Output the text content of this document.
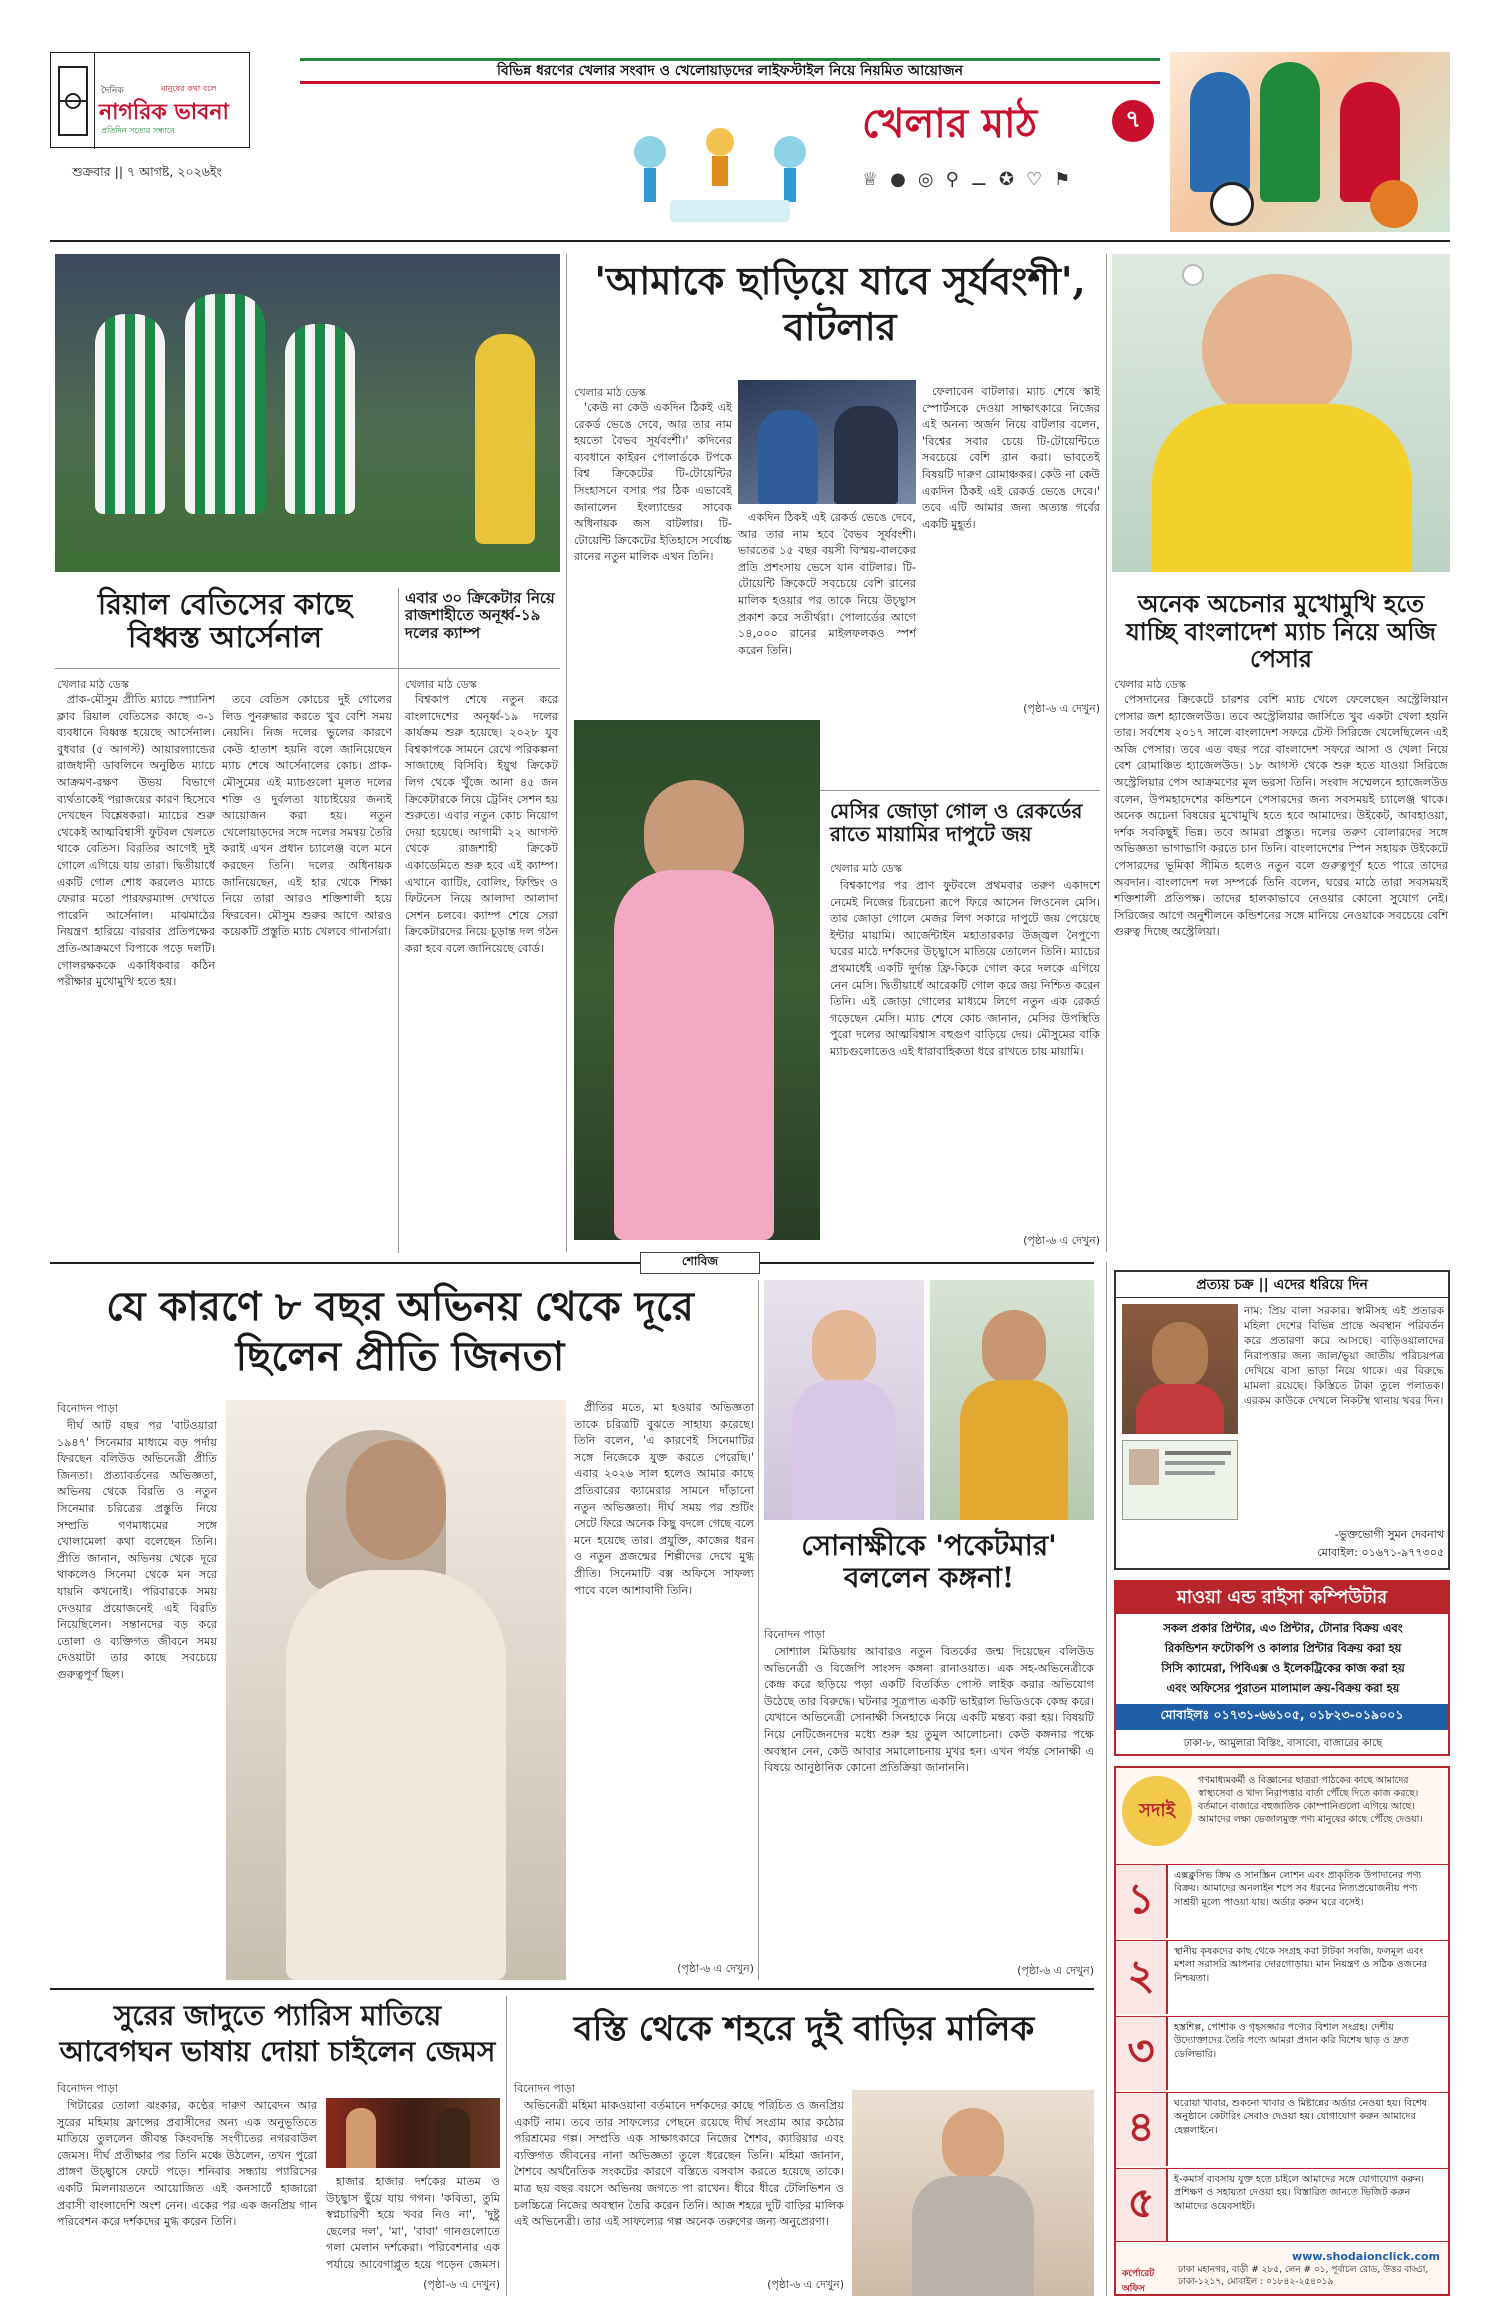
দৈনিক
নাগরিক ভাবনা
মানুষের কথা বলে
প্রতিদিন সত্যের সন্ধানে
শুক্রবার || ৭ আগষ্ট, ২০২৬ইং
বিভিন্ন ধরণের খেলার সংবাদ ও খেলোয়াড়দের লাইফস্টাইল নিয়ে নিয়মিত আয়োজন
খেলার মাঠ	৭
♕ ● ◎ ⚲ ⚊ ✪ ♡ ⚑
রিয়াল বেতিসের কাছে বিধ্বস্ত আর্সেনাল
এবার ৩০ ক্রিকেটার নিয়ে রাজশাহীতে অনূর্ধ্ব-১৯ দলের ক্যাম্প
খেলার মাঠ ডেস্ক

প্রাক-মৌসুম প্রীতি ম্যাচে স্প্যানিশ ক্লাব রিয়াল বেতিসের কাছে ৩-১ ব্যবধানে বিধ্বস্ত হয়েছে আর্সেনাল। বুধবার (৫ আগস্ট) আয়ারল্যান্ডের রাজধানী ডাবলিনে অনুষ্ঠিত ম্যাচে আক্রমণ-রক্ষণ উভয় বিভাগে ব্যর্থতাকেই পরাজয়ের কারণ হিসেবে দেখছেন বিশ্লেষকরা। ম্যাচের শুরু থেকেই আত্মবিশ্বাসী ফুটবল খেলতে থাকে বেতিস। বিরতির আগেই দুই গোলে এগিয়ে যায় তারা। দ্বিতীয়ার্ধে একটি গোল শোধ করলেও ম্যাচে ফেরার মতো পারফরম্যান্স দেখাতে পারেনি আর্সেনাল। মাঝমাঠের নিয়ন্ত্রণ হারিয়ে বারবার প্রতিপক্ষের প্রতি-আক্রমণে বিপাকে পড়ে দলটি। গোলরক্ষককে একাধিকবার কঠিন পরীক্ষার মুখোমুখি হতে হয়।

তবে বেতিস কোচের দুই গোলের লিড পুনরুদ্ধার করতে খুব বেশি সময় নেয়নি। নিজ দলের ভুলের কারণে কেউ হাতাশ হয়নি বলে জানিয়েছেন ম্যাচ শেষে আর্সেনালের কোচ। প্রাক-মৌসুমের এই ম্যাচগুলো মূলত দলের শক্তি ও দুর্বলতা যাচাইয়ের জন্যই আয়োজন করা হয়। নতুন খেলোয়াড়দের সঙ্গে দলের সমন্বয় তৈরি করাই এখন প্রধান চ্যালেঞ্জ বলে মনে করছেন তিনি। দলের অধিনায়ক জানিয়েছেন, এই হার থেকে শিক্ষা নিয়ে তারা আরও শক্তিশালী হয়ে ফিরবেন। মৌসুম শুরুর আগে আরও কয়েকটি প্রস্তুতি ম্যাচ খেলবে গানার্সরা।

খেলার মাঠ ডেস্ক

বিশ্বকাপ শেষে নতুন করে বাংলাদেশের অনূর্ধ্ব-১৯ দলের কার্যক্রম শুরু হয়েছে। ২০২৮ যুব বিশ্বকাপকে সামনে রেখে পরিকল্পনা সাজাচ্ছে বিসিবি। ইয়ুথ ক্রিকেট লিগ থেকে খুঁজে আনা ৪৫ জন ক্রিকেটারকে নিয়ে ট্রেনিং সেশন হয় শুরুতে। এবার নতুন কোচ নিয়োগ দেয়া হয়েছে। আগামী ২২ আগস্ট থেকে রাজশাহী ক্রিকেট একাডেমিতে শুরু হবে এই ক্যাম্প। এখানে ব্যাটিং, বোলিং, ফিল্ডিং ও ফিটনেস নিয়ে আলাদা আলাদা সেশন চলবে। ক্যাম্প শেষে সেরা ক্রিকেটারদের নিয়ে চূড়ান্ত দল গঠন করা হবে বলে জানিয়েছে বোর্ড।

'আমাকে ছাড়িয়ে যাবে সূর্যবংশী', বাটলার
খেলার মাঠ ডেস্ক

'কেউ না কেউ একদিন ঠিকই এই রেকর্ড ভেঙে দেবে, আর তার নাম হয়তো বৈভব সূর্যবংশী।' কদিনের ব্যবধানে কাইরন পোলার্ডকে টপকে বিশ্ব ক্রিকেটের টি-টোয়েন্টির সিংহাসনে বসার পর ঠিক এভাবেই জানালেন ইংল্যান্ডের সাবেক অধিনায়ক জস বাটলার। টি-টোয়েন্টি ক্রিকেটের ইতিহাসে সর্বোচ্চ রানের নতুন মালিক এখন তিনি।

একদিন ঠিকই এই রেকর্ড ভেঙে দেবে, আর তার নাম হবে বৈভব সূর্যবংশী। ভারতের ১৫ বছর বয়সী বিস্ময়-বালকের প্রতি প্রশংসায় ভেসে যান বাটলার। টি-টোয়েন্টি ক্রিকেটে সবচেয়ে বেশি রানের মালিক হওয়ার পর তাকে নিয়ে উচ্ছ্বাস প্রকাশ করে সতীর্থরা। পোলার্ডের আগে ১৪,০০০ রানের মাইলফলকও স্পর্শ করেন তিনি।

ফেলাবেন বাটলার। ম্যাচ শেষে স্কাই স্পোর্টসকে দেওয়া সাক্ষাৎকারে নিজের এই অনন্য অর্জন নিয়ে বাটলার বলেন, 'বিশ্বের সবার চেয়ে টি-টোয়েন্টিতে সবচেয়ে বেশি রান করা। ভাবতেই বিষয়টি দারুণ রোমাঞ্চকর। কেউ না কেউ একদিন ঠিকই এই রেকর্ড ভেঙে দেবে।' তবে এটি আমার জন্য অত্যন্ত গর্বের একটি মুহূর্ত।

(পৃষ্ঠা-৬ এ দেখুন)
মেসির জোড়া গোল ও রেকর্ডের রাতে মায়ামির দাপুটে জয়
খেলার মাঠ ডেস্ক

বিশ্বকাপের পর প্রাণ ফুটবলে প্রথমবার তরুণ একাদশে নেমেই নিজের চিরচেনা রূপে ফিরে আসেন লিওনেল মেসি। তার জোড়া গোলে মেজর লিগ সকারে দাপুটে জয় পেয়েছে ইন্টার মায়ামি। আর্জেন্টাইন মহাতারকার উজ্জ্বল নৈপুণ্যে ঘরের মাঠে দর্শকদের উচ্ছ্বাসে মাতিয়ে তোলেন তিনি। ম্যাচের প্রথমার্ধেই একটি দুর্দান্ত ফ্রি-কিকে গোল করে দলকে এগিয়ে নেন মেসি। দ্বিতীয়ার্ধে আরেকটি গোল করে জয় নিশ্চিত করেন তিনি। এই জোড়া গোলের মাধ্যমে লিগে নতুন এক রেকর্ড গড়েছেন মেসি। ম্যাচ শেষে কোচ জানান, মেসির উপস্থিতি পুরো দলের আত্মবিশ্বাস বহুগুণ বাড়িয়ে দেয়। মৌসুমের বাকি ম্যাচগুলোতেও এই ধারাবাহিকতা ধরে রাখতে চায় মায়ামি।

(পৃষ্ঠা-৬ এ দেখুন)
অনেক অচেনার মুখোমুখি হতে যাচ্ছি বাংলাদেশ ম্যাচ নিয়ে অজি পেসার
খেলার মাঠ ডেস্ক

পেসদানের ক্রিকেটে চারশর বেশি ম্যাচ খেলে ফেলেছেন অস্ট্রেলিয়ান পেসার জশ হ্যাজেলউড। তবে অস্ট্রেলিয়ার জার্সিতে খুব একটা খেলা হয়নি তার। সর্বশেষ ২০১৭ সালে বাংলাদেশ সফরে টেস্ট সিরিজে খেলেছিলেন এই অজি পেসার। তবে এত বছর পরে বাংলাদেশ সফরে আসা ও খেলা নিয়ে বেশ রোমাঞ্চিত হ্যাজেলউড। ১৮ আগস্ট থেকে শুরু হতে যাওয়া সিরিজে অস্ট্রেলিয়ার পেস আক্রমণের মূল ভরসা তিনি। সংবাদ সম্মেলনে হ্যাজেলউড বলেন, উপমহাদেশের কন্ডিশনে পেসারদের জন্য সবসময়ই চ্যালেঞ্জ থাকে। অনেক অচেনা বিষয়ের মুখোমুখি হতে হবে আমাদের। উইকেট, আবহাওয়া, দর্শক সবকিছুই ভিন্ন। তবে আমরা প্রস্তুত। দলের তরুণ বোলারদের সঙ্গে অভিজ্ঞতা ভাগাভাগি করতে চান তিনি। বাংলাদেশের স্পিন সহায়ক উইকেটে পেসারদের ভূমিকা সীমিত হলেও নতুন বলে গুরুত্বপূর্ণ হতে পারে তাদের অবদান। বাংলাদেশ দল সম্পর্কে তিনি বলেন, ঘরের মাঠে তারা সবসময়ই শক্তিশালী প্রতিপক্ষ। তাদের হালকাভাবে নেওয়ার কোনো সুযোগ নেই। সিরিজের আগে অনুশীলনে কন্ডিশনের সঙ্গে মানিয়ে নেওয়াকে সবচেয়ে বেশি গুরুত্ব দিচ্ছে অস্ট্রেলিয়া।

শোবিজ
যে কারণে ৮ বছর অভিনয় থেকে দূরে ছিলেন প্রীতি জিনতা
বিনোদন পাড়া

দীর্ঘ আট বছর পর 'বাটওয়ারা ১৯৪৭' সিনেমার মাধ্যমে বড় পর্দায় ফিরছেন বলিউড অভিনেত্রী প্রীতি জিনতা। প্রত্যাবর্তনের অভিজ্ঞতা, অভিনয় থেকে বিরতি ও নতুন সিনেমার চরিত্রের প্রস্তুতি নিয়ে সম্প্রতি গণমাধ্যমের সঙ্গে খোলামেলা কথা বলেছেন তিনি। প্রীতি জানান, অভিনয় থেকে দূরে থাকলেও সিনেমা থেকে মন সরে যায়নি কখনোই। পরিবারকে সময় দেওয়ার প্রয়োজনেই এই বিরতি নিয়েছিলেন। সন্তানদের বড় করে তোলা ও ব্যক্তিগত জীবনে সময় দেওয়াটা তার কাছে সবচেয়ে গুরুত্বপূর্ণ ছিল।

প্রীতির মতে, মা হওয়ার অভিজ্ঞতা তাকে চরিত্রটি বুঝতে সাহায্য করেছে। তিনি বলেন, 'এ কারণেই সিনেমাটির সঙ্গে নিজেকে যুক্ত করতে পেরেছি।' এবার ২০২৬ সাল হলেও আমার কাছে প্রতিবারের ক্যামেরার সামনে দাঁড়ানো নতুন অভিজ্ঞতা। দীর্ঘ সময় পর শুটিং সেটে ফিরে অনেক কিছু বদলে গেছে বলে মনে হয়েছে তার। প্রযুক্তি, কাজের ধরন ও নতুন প্রজন্মের শিল্পীদের দেখে মুগ্ধ প্রীতি। সিনেমাটি বক্স অফিসে সাফল্য পাবে বলে আশাবাদী তিনি।

(পৃষ্ঠা-৬ এ দেখুন)
সোনাক্ষীকে 'পকেটমার' বললেন কঙ্গনা!
বিনোদন পাড়া

সোশ্যাল মিডিয়ায় আবারও নতুন বিতর্কের জন্ম দিয়েছেন বলিউড অভিনেত্রী ও বিজেপি সাংসদ কঙ্গনা রানাওয়াত। এক সহ-অভিনেত্রীকে কেন্দ্র করে ছড়িয়ে পড়া একটি বিতর্কিত পোস্ট লাইক করার অভিযোগ উঠেছে তার বিরুদ্ধে। ঘটনার সূত্রপাত একটি ভাইরাল ভিডিওকে কেন্দ্র করে। যেখানে অভিনেত্রী সোনাক্ষী সিনহাকে নিয়ে একটি মন্তব্য করা হয়। বিষয়টি নিয়ে নেটিজেনদের মধ্যে শুরু হয় তুমুল আলোচনা। কেউ কঙ্গনার পক্ষে অবস্থান নেন, কেউ আবার সমালোচনায় মুখর হন। এখন পর্যন্ত সোনাক্ষী এ বিষয়ে আনুষ্ঠানিক কোনো প্রতিক্রিয়া জানাননি।

(পৃষ্ঠা-৬ এ দেখুন)
সুরের জাদুতে প্যারিস মাতিয়ে আবেগঘন ভাষায় দোয়া চাইলেন জেমস
বিনোদন পাড়া

গিটারের তোলা ঝংকার, কণ্ঠের দারুণ আবেদন আর সুরের মহিমায় ফ্রান্সের প্রবাসীদের অন্য এক অনুভূতিতে মাতিয়ে তুললেন জীবন্ত কিংবদন্তি সংগীতের নগরবাউল জেমস। দীর্ঘ প্রতীক্ষার পর তিনি মঞ্চে উঠলেন, তখন পুরো প্রাঙ্গণ উচ্ছ্বাসে ফেটে পড়ে। শনিবার সন্ধ্যায় প্যারিসের একটি মিলনায়তনে আয়োজিত এই কনসার্টে হাজারো প্রবাসী বাংলাদেশি অংশ নেন। একের পর এক জনপ্রিয় গান পরিবেশন করে দর্শকদের মুগ্ধ করেন তিনি।

হাজার হাজার দর্শকের মাতম ও উচ্ছ্বাস ছুঁয়ে যায় গগন। 'কবিতা, তুমি স্বপ্নচারিণী হয়ে খবর নিও না', 'দুষ্টু ছেলের দল', 'মা', 'বাবা' গানগুলোতে গলা মেলান দর্শকেরা। পরিবেশনার এক পর্যায়ে আবেগাপ্লুত হয়ে পড়েন জেমস।

(পৃষ্ঠা-৬ এ দেখুন)
বস্তি থেকে শহরে দুই বাড়ির মালিক
বিনোদন পাড়া

অভিনেত্রী মহিমা মাকওয়ানা বর্তমানে দর্শকদের কাছে পরিচিত ও জনপ্রিয় একটি নাম। তবে তার সাফল্যের পেছনে রয়েছে দীর্ঘ সংগ্রাম আর কঠোর পরিশ্রমের গল্প। সম্প্রতি এক সাক্ষাৎকারে নিজের শৈশব, ক্যারিয়ার এবং ব্যক্তিগত জীবনের নানা অভিজ্ঞতা তুলে ধরেছেন তিনি। মহিমা জানান, শৈশবে অর্থনৈতিক সংকটের কারণে বস্তিতে বসবাস করতে হয়েছে তাকে। মাত্র ছয় বছর বয়সে অভিনয় জগতে পা রাখেন। ধীরে ধীরে টেলিভিশন ও চলচ্চিত্রে নিজের অবস্থান তৈরি করেন তিনি। আজ শহরে দুটি বাড়ির মালিক এই অভিনেত্রী। তার এই সাফল্যের গল্প অনেক তরুণের জন্য অনুপ্রেরণা।

(পৃষ্ঠা-৬ এ দেখুন)
প্রত্যয় চক্র || এদের ধরিয়ে দিন
নাম: প্রিয় বালা সরকার। স্বামীসহ এই প্রতারক মহিলা দেশের বিভিন্ন প্রান্তে অবস্থান পরিবর্তন করে প্রতারণা করে আসছে। বাড়িওয়ালাদের নিরাপত্তার জন্য জাল/ভুয়া জাতীয় পরিচয়পত্র দেখিয়ে বাসা ভাড়া নিয়ে থাকে। এর বিরুদ্ধে মামলা রয়েছে। কিস্তিতে টাকা তুলে পলাতক। এরকম কাউকে দেখলে নিকটস্থ থানায় খবর দিন।
-ভুক্তভোগী সুমন দেবনাথ
মোবাইল: ০১৬৭১-৯৭৭৩০৫
মাওয়া এন্ড রাইসা কম্পিউটার
সকল প্রকার প্রিন্টার, এ৩ প্রিন্টার, টোনার বিক্রয় এবং
রিকন্ডিশন ফটোকপি ও কালার প্রিন্টার বিক্রয় করা হয়
সিসি ক্যামেরা, পিবিএক্স ও ইলেকট্রিকের কাজ করা হয়
এবং অফিসের পুরাতন মালামাল ক্রয়-বিক্রয় করা হয়
মোবাইলঃ ০১৭৩১-৬৬১০৫, ০১৮২৩-০১৯০০১
ঢাকা-৮, আমুলারা বিস্তিং, বাসাবো, বাজারের কাছে
সদাই
গণমাধ্যমকর্মী ও বিজ্ঞানের ছাত্ররা পাঠকের কাছে আমাদের স্বাস্থ্যসেবা ও খাদ্য নিরাপত্তার বার্তা পৌঁছে দিতে কাজ করছে। বর্তমানে বাজারে বহুজাতিক কোম্পানিগুলো এগিয়ে আছে। আমাদের লক্ষ্য ভেজালমুক্ত পণ্য মানুষের কাছে পৌঁছে দেওয়া।
১	এক্সক্লুসিভ ক্রিম ও সানস্ক্রিন লোশন এবং প্রাকৃতিক উপাদানের পণ্য বিক্রয়। আমাদের অনলাইন শপে সব ধরনের নিত্যপ্রয়োজনীয় পণ্য সাশ্রয়ী মূল্যে পাওয়া যায়। অর্ডার করুন ঘরে বসেই।
২	স্থানীয় কৃষকদের কাছ থেকে সংগ্রহ করা টাটকা সবজি, ফলমূল এবং মশলা সরাসরি আপনার দোরগোড়ায়। মান নিয়ন্ত্রণ ও সঠিক ওজনের নিশ্চয়তা।
৩	হস্তশিল্প, পোশাক ও গৃহসজ্জার পণ্যের বিশাল সংগ্রহ। দেশীয় উদ্যোক্তাদের তৈরি পণ্যে আমরা প্রদান করি বিশেষ ছাড় ও দ্রুত ডেলিভারি।
৪	ঘরোয়া খাবার, শুকনো খাবার ও মিষ্টান্নের অর্ডার নেওয়া হয়। বিশেষ অনুষ্ঠানে কেটারিং সেবাও দেওয়া হয়। যোগাযোগ করুন আমাদের হেল্পলাইনে।
৫	ই-কমার্স ব্যবসায় যুক্ত হতে চাইলে আমাদের সঙ্গে যোগাযোগ করুন। প্রশিক্ষণ ও সহায়তা দেওয়া হয়। বিস্তারিত জানতে ভিজিট করুন আমাদের ওয়েবসাইট।
www.shodaionclick.com
কর্পোরেট অফিস
ঢাকা মহানগর, বাড়ী # ২৮৫, লেন # ০১, পূর্বাচল রোড, উত্তর বাড্ডা, ঢাকা-১২১৭, মোবাইল : ০১৮৪২-২৫৪০১৯
